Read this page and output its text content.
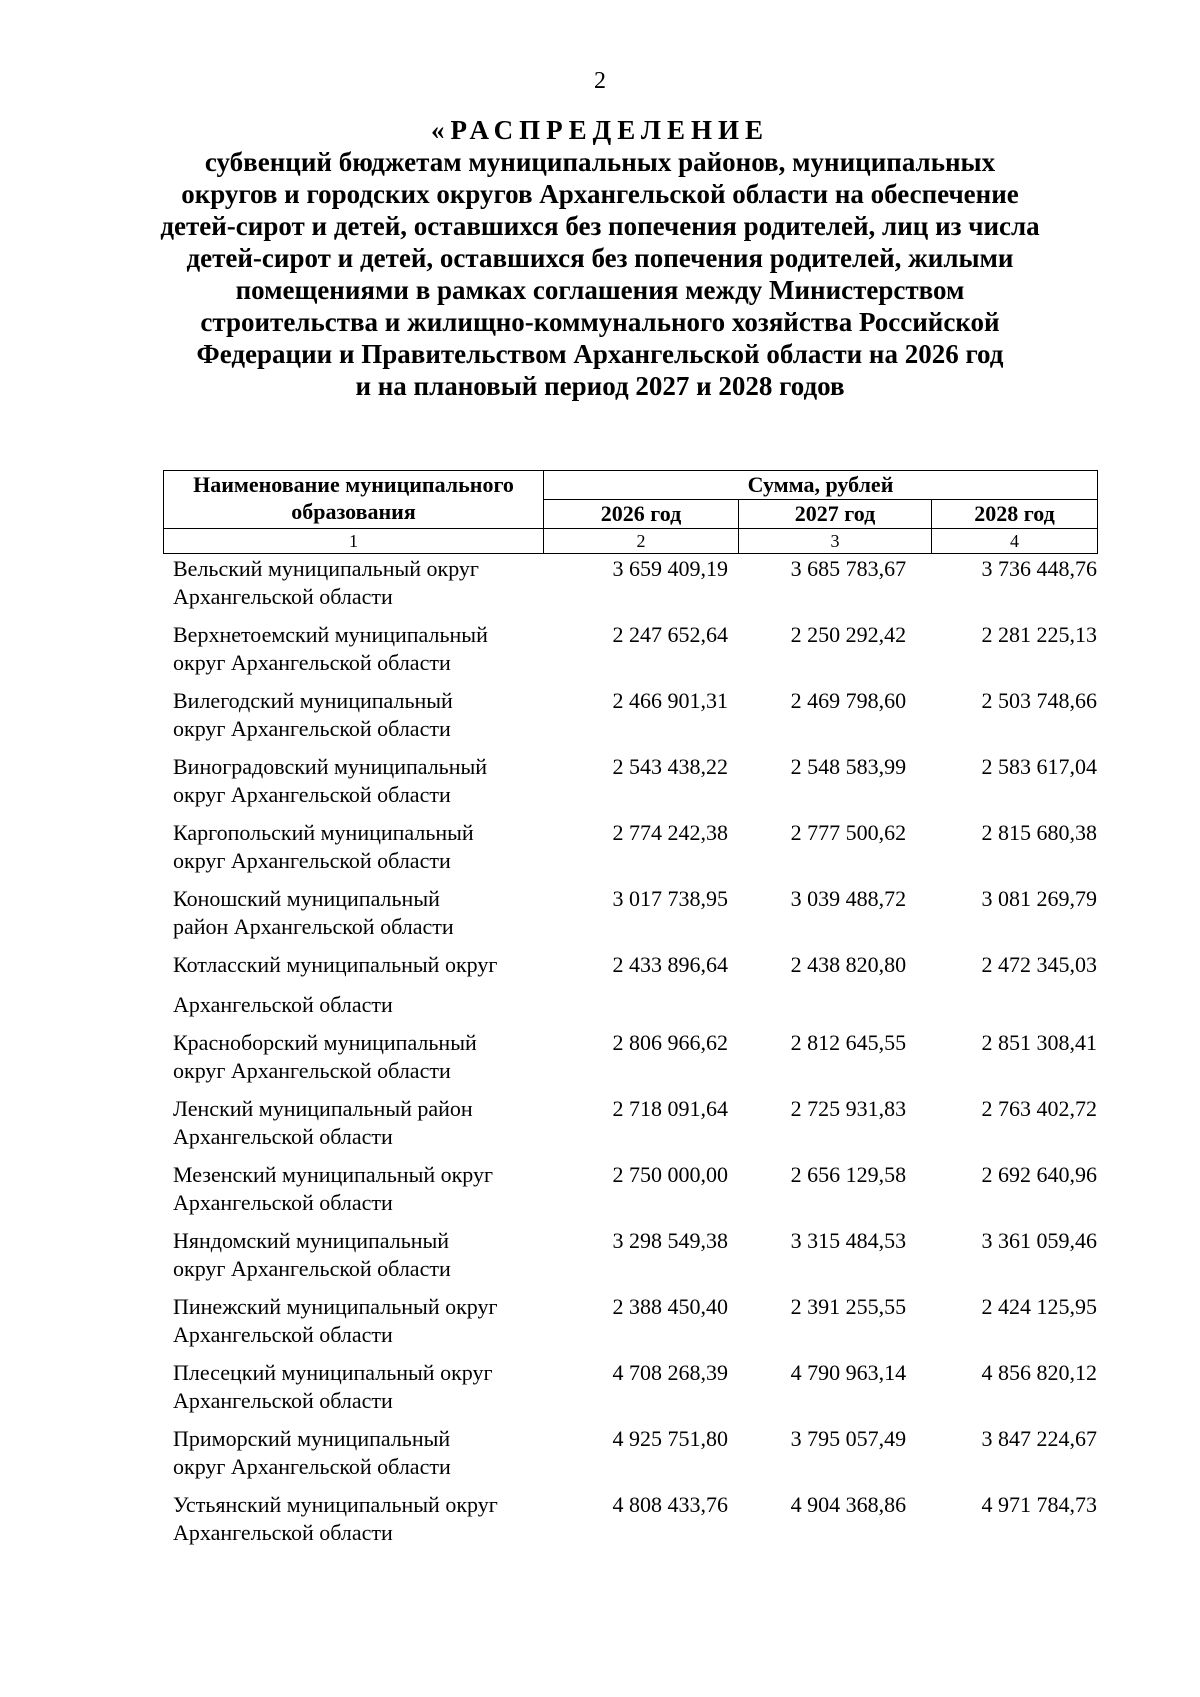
2
«РАСПРЕДЕЛЕНИЕ
субвенций бюджетам муниципальных районов, муниципальных
округов и городских округов Архангельской области на обеспечение
детей-сирот и детей, оставшихся без попечения родителей, лиц из числа
детей-сирот и детей, оставшихся без попечения родителей, жилыми
помещениями в рамках соглашения между Министерством
строительства и жилищно-коммунального хозяйства Российской
Федерации и Правительством Архангельской области на 2026 год
и на плановый период 2027 и 2028 годов
Наименование муниципального образования	Сумма, рублей		
	2026 год	2027 год	2028 год
1	2	3	4
Вельский муниципальный округ
Архангельской области
3 659 409,19	3 685 783,67	3 736 448,76
Верхнетоемский муниципальный
округ Архангельской области
2 247 652,64	2 250 292,42	2 281 225,13
Вилегодский муниципальный
округ Архангельской области
2 466 901,31	2 469 798,60	2 503 748,66
Виноградовский муниципальный
округ Архангельской области
2 543 438,22	2 548 583,99	2 583 617,04
Каргопольский муниципальный
округ Архангельской области
2 774 242,38	2 777 500,62	2 815 680,38
Коношский муниципальный
район Архангельской области
3 017 738,95	3 039 488,72	3 081 269,79
Котласский муниципальный округ
Архангельской области
2 433 896,64	2 438 820,80	2 472 345,03
Красноборский муниципальный
округ Архангельской области
2 806 966,62	2 812 645,55	2 851 308,41
Ленский муниципальный район
Архангельской области
2 718 091,64	2 725 931,83	2 763 402,72
Мезенский муниципальный округ
Архангельской области
2 750 000,00	2 656 129,58	2 692 640,96
Няндомский муниципальный
округ Архангельской области
3 298 549,38	3 315 484,53	3 361 059,46
Пинежский муниципальный округ
Архангельской области
2 388 450,40	2 391 255,55	2 424 125,95
Плесецкий муниципальный округ
Архангельской области
4 708 268,39	4 790 963,14	4 856 820,12
Приморский муниципальный
округ Архангельской области
4 925 751,80	3 795 057,49	3 847 224,67
Устьянский муниципальный округ
Архангельской области
4 808 433,76	4 904 368,86	4 971 784,73
